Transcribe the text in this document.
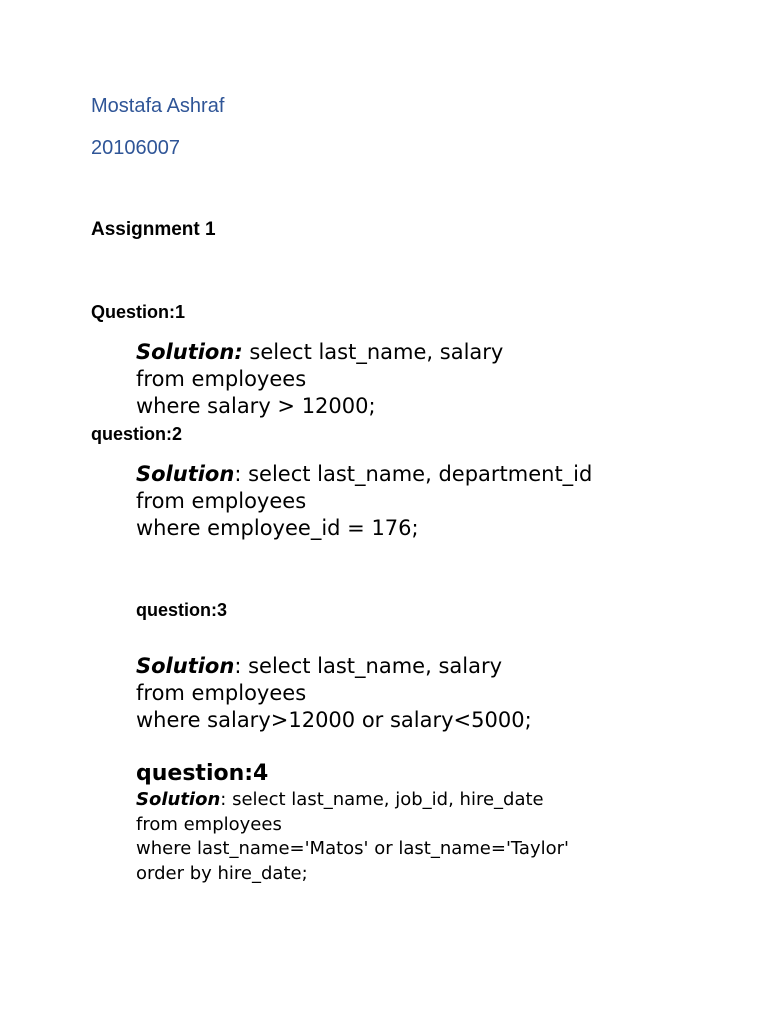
Mostafa Ashraf
20106007
Assignment 1
Question:1
Solution: select last_name, salary
from employees
where salary > 12000;
question:2
Solution: select last_name, department_id
from employees
where employee_id = 176;
question:3
Solution: select last_name, salary
from employees
where salary>12000 or salary<5000;
question:4
Solution: select last_name, job_id, hire_date
from employees
where last_name='Matos' or last_name='Taylor'
order by hire_date;
